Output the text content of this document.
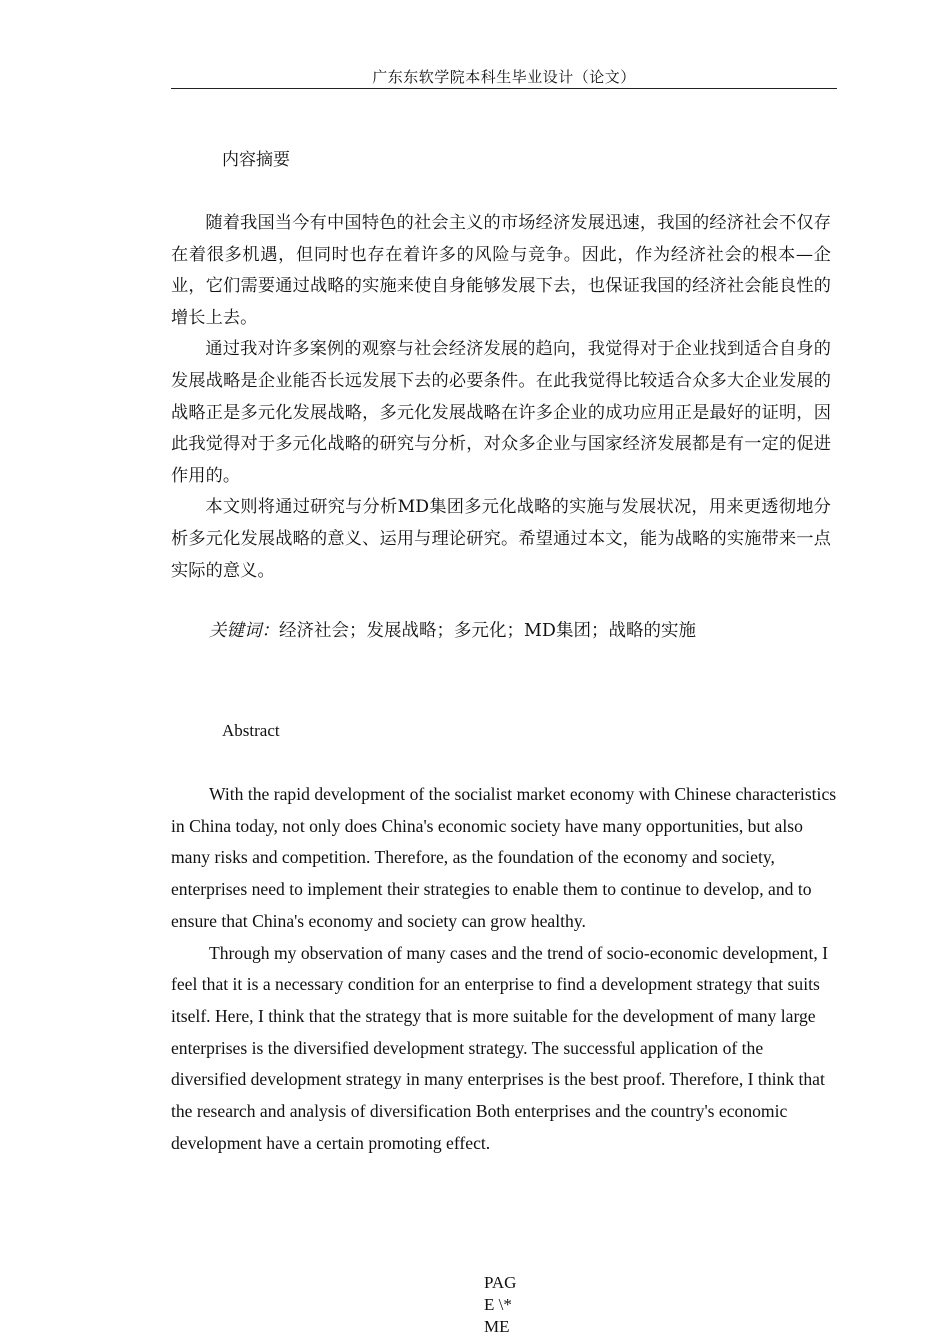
广东东软学院本科生毕业设计（论文）
内容摘要

随着我国当今有中国特色的社会主义的市场经济发展迅速，我国的经济社会不仅存在着很多机遇，但同时也存在着许多的风险与竞争。因此，作为经济社会的根本—企业，它们需要通过战略的实施来使自身能够发展下去，也保证我国的经济社会能良性的增长上去。

通过我对许多案例的观察与社会经济发展的趋向，我觉得对于企业找到适合自身的发展战略是企业能否长远发展下去的必要条件。在此我觉得比较适合众多大企业发展的战略正是多元化发展战略，多元化发展战略在许多企业的成功应用正是最好的证明，因此我觉得对于多元化战略的研究与分析，对众多企业与国家经济发展都是有一定的促进作用的。

本文则将通过研究与分析MD集团多元化战略的实施与发展状况，用来更透彻地分析多元化发展战略的意义、运用与理论研究。希望通过本文，能为战略的实施带来一点实际的意义。

关键词：经济社会；发展战略；多元化；MD集团；战略的实施
Abstract

With the rapid development of the socialist market economy with Chinese characteristics in China today, not only does China's economic society have many opportunities, but also many risks and competition. Therefore, as the foundation of the economy and society, enterprises need to implement their strategies to enable them to continue to develop, and to ensure that China's economy and society can grow healthy.

Through my observation of many cases and the trend of socio-economic development, I feel that it is a necessary condition for an enterprise to find a development strategy that suits itself. Here, I think that the strategy that is more suitable for the development of many large enterprises is the diversified development strategy. The successful application of the diversified development strategy in many enterprises is the best proof. Therefore, I think that the research and analysis of diversification Both enterprises and the country's economic development have a certain promoting effect.

PAGE \* ME
